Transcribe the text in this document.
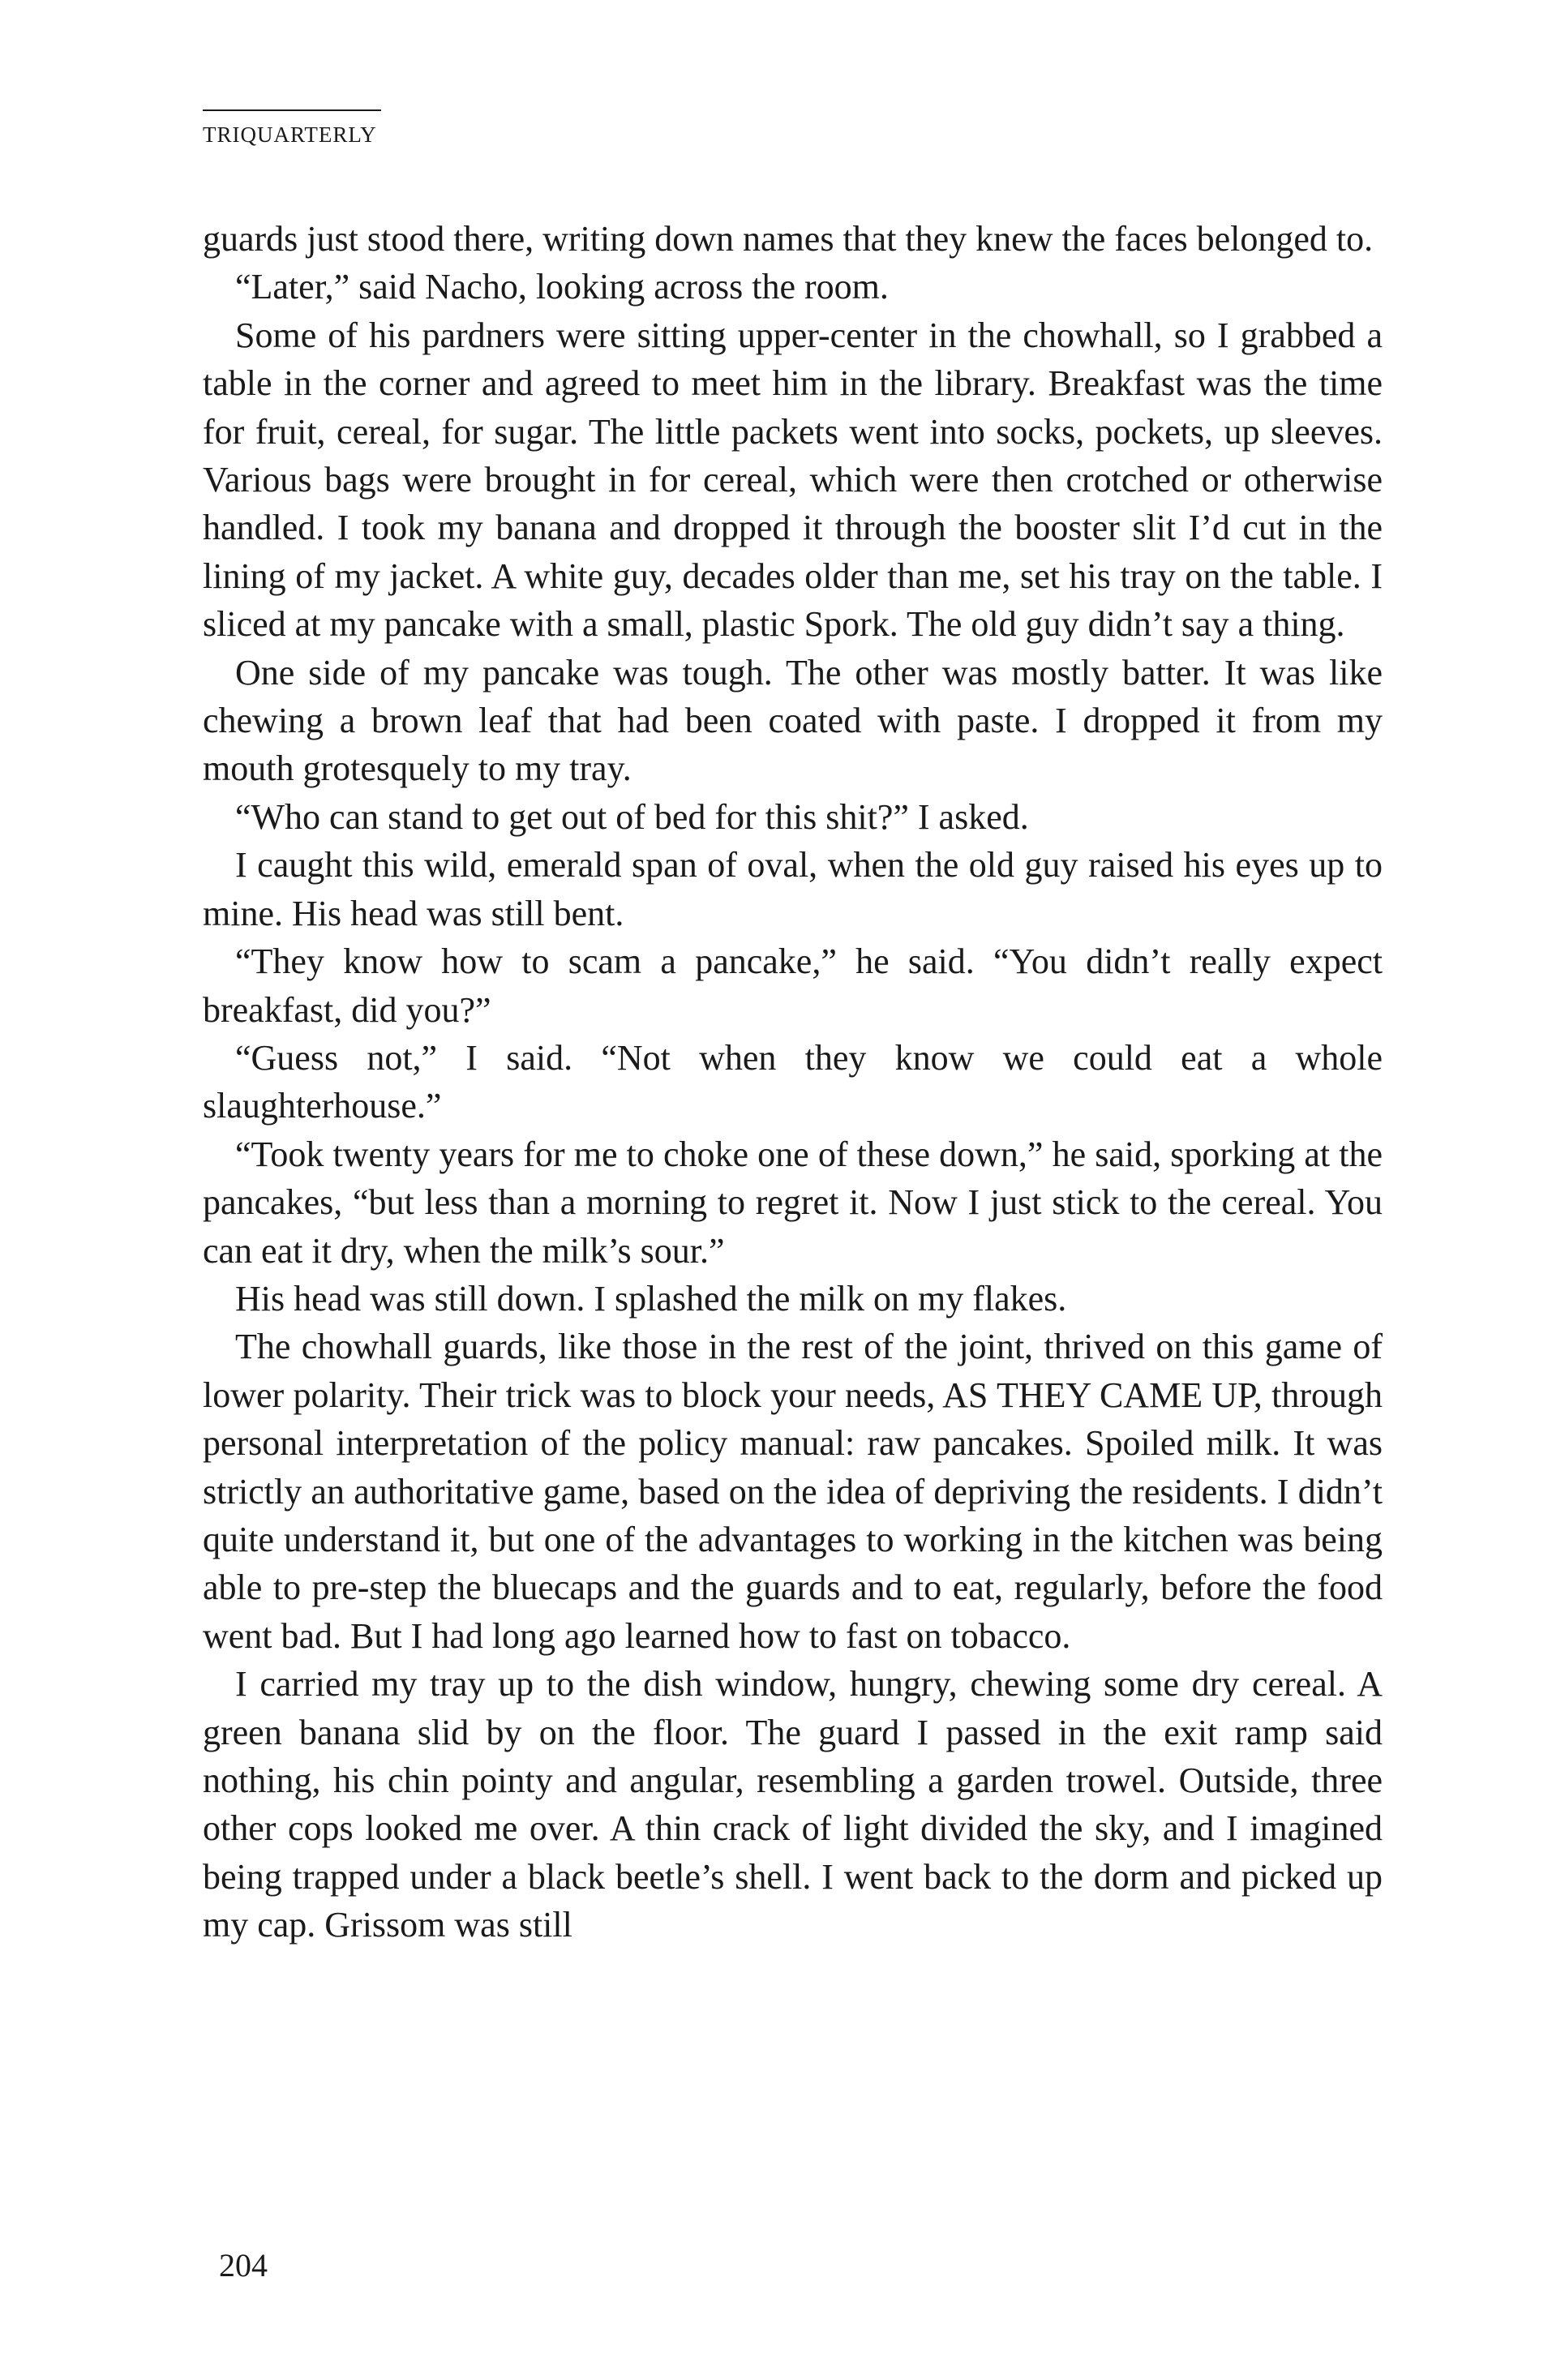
TRIQUARTERLY

guards just stood there, writing down names that they knew the faces belonged to.

“Later,” said Nacho, looking across the room.

Some of his pardners were sitting upper-center in the chowhall, so I grabbed a table in the corner and agreed to meet him in the library. Breakfast was the time for fruit, cereal, for sugar. The little packets went into socks, pockets, up sleeves. Various bags were brought in for cereal, which were then crotched or otherwise handled. I took my banana and dropped it through the booster slit I’d cut in the lining of my jacket. A white guy, decades older than me, set his tray on the table. I sliced at my pancake with a small, plastic Spork. The old guy didn’t say a thing.

One side of my pancake was tough. The other was mostly batter. It was like chewing a brown leaf that had been coated with paste. I dropped it from my mouth grotesquely to my tray.

“Who can stand to get out of bed for this shit?” I asked.

I caught this wild, emerald span of oval, when the old guy raised his eyes up to mine. His head was still bent.

“They know how to scam a pancake,” he said. “You didn’t really expect breakfast, did you?”

“Guess not,” I said. “Not when they know we could eat a whole slaughterhouse.”

“Took twenty years for me to choke one of these down,” he said, sporking at the pancakes, “but less than a morning to regret it. Now I just stick to the cereal. You can eat it dry, when the milk’s sour.”

His head was still down. I splashed the milk on my flakes.

The chowhall guards, like those in the rest of the joint, thrived on this game of lower polarity. Their trick was to block your needs, AS THEY CAME UP, through personal interpretation of the policy manual: raw pancakes. Spoiled milk. It was strictly an authoritative game, based on the idea of depriving the residents. I didn’t quite understand it, but one of the advantages to working in the kitchen was being able to pre-step the bluecaps and the guards and to eat, regularly, before the food went bad. But I had long ago learned how to fast on tobacco.

I carried my tray up to the dish window, hungry, chewing some dry cereal. A green banana slid by on the floor. The guard I passed in the exit ramp said nothing, his chin pointy and angular, resembling a garden trowel. Outside, three other cops looked me over. A thin crack of light divided the sky, and I imagined being trapped under a black beetle’s shell. I went back to the dorm and picked up my cap. Grissom was still

204
